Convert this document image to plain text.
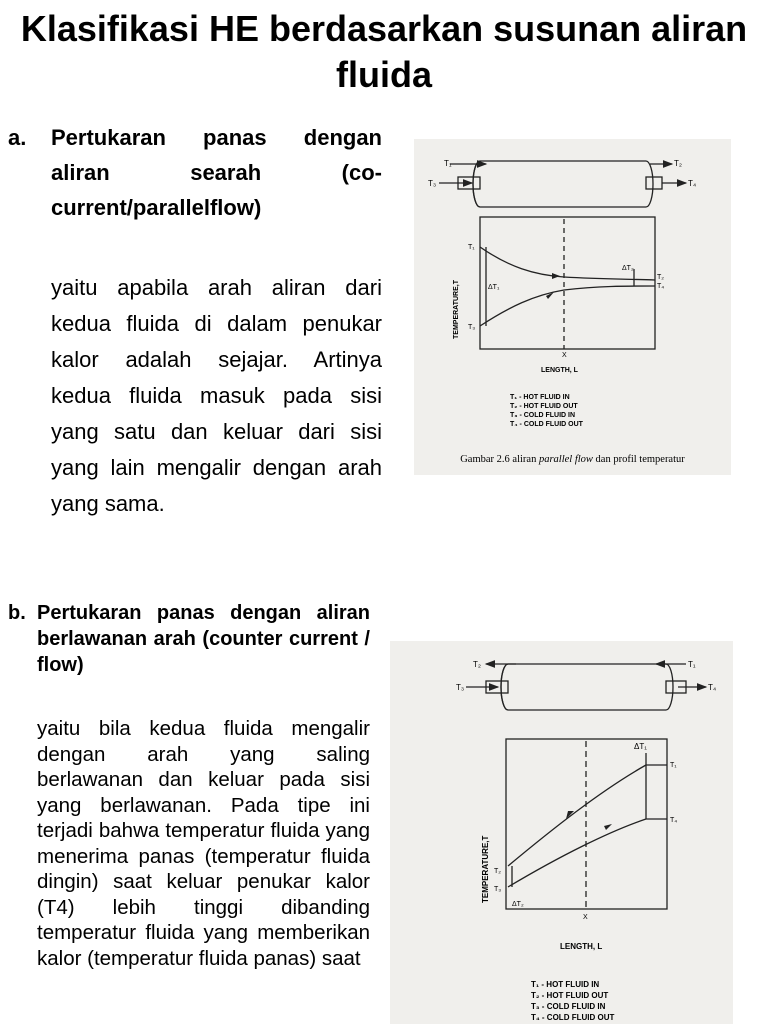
Klasifikasi HE berdasarkan susunan aliran fluida
a. Pertukaran panas dengan aliran searah (co-current/parallelflow)
yaitu apabila arah aliran dari kedua fluida di dalam penukar kalor adalah sejajar. Artinya kedua fluida masuk pada sisi yang satu dan keluar dari sisi yang lain mengalir dengan arah yang sama.
T₁
T₃
T₂
T₄
T₁
T₃
ΔT₁
ΔT₂
T₂
T₄
X
LENGTH, L
TEMPERATURE,T
T₁ - HOT FLUID IN
T₂ - HOT FLUID OUT
T₃ - COLD FLUID IN
T₄ - COLD FLUID OUT
Gambar 2.6 aliran parallel flow dan profil temperatur
b. Pertukaran panas dengan aliran berlawanan arah (counter current / flow)
yaitu bila kedua fluida mengalir dengan arah yang saling berlawanan dan keluar pada sisi yang berlawanan. Pada tipe ini terjadi bahwa temperatur fluida yang menerima panas (temperatur fluida dingin) saat keluar penukar kalor (T4) lebih tinggi dibanding temperatur fluida yang memberikan kalor (temperatur fluida panas) saat
T₂
T₃
T₁
T₄
ΔT₁
T₁
T₄
T₂
T₃
ΔT₂
X
LENGTH, L
TEMPERATURE,T
T₁ - HOT FLUID IN
T₂ - HOT FLUID OUT
T₃ - COLD FLUID IN
T₄ - COLD FLUID OUT
